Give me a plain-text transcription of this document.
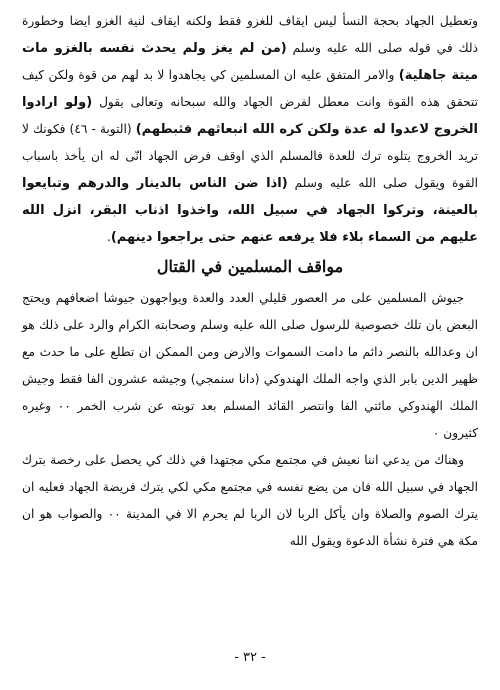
وتعطيل الجهاد بحجة النسأ ليس ايقاف للغزو فقط ولكنه ايقاف لنية الغزو ايضا وخطورة ذلك في قوله صلى الله عليه وسلم (من لم يغز ولم يحدث نفسه بالغزو مات ميتة جاهلية) والامر المتفق عليه ان المسلمين كي يجاهدوا لا بد لهم من قوة ولكن كيف تتحقق هذه القوة وانت معطل لفرض الجهاد والله سبحانه وتعالى يقول (ولو ارادوا الخروج لاعدوا له عدة ولكن كره الله انبعاثهم فثبطهم) (التوبة - ٤٦) فكونك لا تريد الخروج يتلوه ترك للعدة فالمسلم الذي اوقف فرض الجهاد انّى له ان يأخذ باسباب القوة ويقول صلى الله عليه وسلم (اذا ضن الناس بالدينار والدرهم وتبايعوا بالعينة، وتركوا الجهاد في سبيل الله، واخذوا اذناب البقر، انزل الله عليهم من السماء بلاء فلا يرفعه عنهم حتى يراجعوا دينهم).

مواقف المسلمين في القتال

جيوش المسلمين على مر العصور قليلي العدد والعدة ويواجهون جيوشا اضعافهم ويحتج البعض بان تلك خصوصية للرسول صلى الله عليه وسلم وصحابته الكرام والرد على ذلك هو ان وعدالله بالنصر دائم ما دامت السموات والارض ومن الممكن ان تطلع على ما حدث مع ظهير الدين بابر الذي واجه الملك الهندوكي (دانا سنمجي) وجيشه عشرون الفا فقط وجيش الملك الهندوكي مائتي الفا وانتصر القائد المسلم بعد توبته عن شرب الخمر ٠٠ وغيره كثيرون ٠

وهناك من يدعي اننا نعيش في مجتمع مكي مجتهدا في ذلك كي يحصل على رخصة بترك الجهاد في سبيل الله فان من يضع نفسه في مجتمع مكي لكي يترك فريضة الجهاد فعليه ان يترك الصوم والصلاة وان يأكل الربا لان الربا لم يحرم الا في المدينة ٠٠ والصواب هو ان مكة هي فترة نشأة الدعوة ويقول الله

- ٣٢ -
